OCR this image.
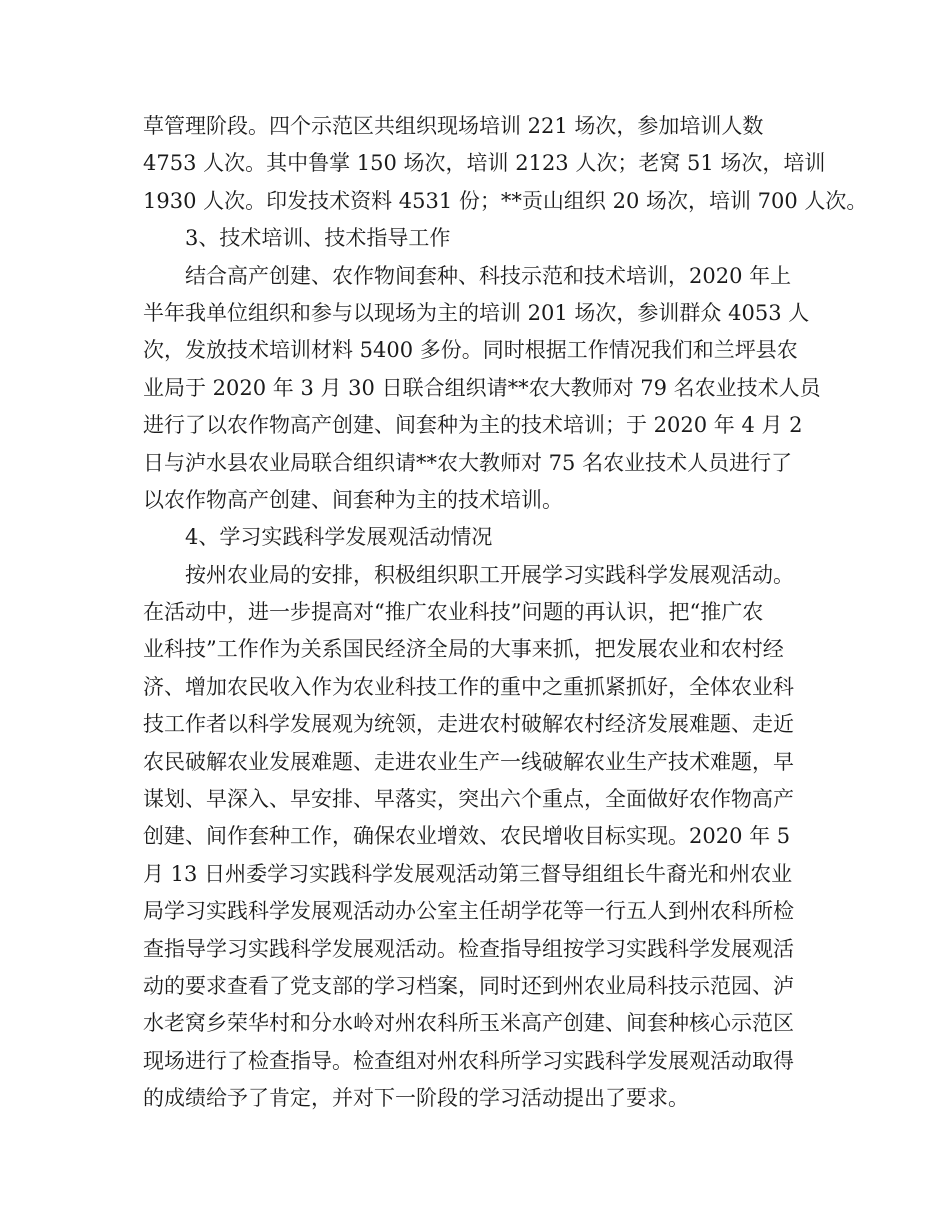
草管理阶段。四个示范区共组织现场培训 221 场次，参加培训人数
4753 人次。其中鲁掌 150 场次，培训 2123 人次；老窝 51 场次，培训
1930 人次。印发技术资料 4531 份；**贡山组织 20 场次，培训 700 人次。
3、技术培训、技术指导工作
结合高产创建、农作物间套种、科技示范和技术培训，2020 年上
半年我单位组织和参与以现场为主的培训 201 场次，参训群众 4053 人
次，发放技术培训材料 5400 多份。同时根据工作情况我们和兰坪县农
业局于 2020 年 3 月 30 日联合组织请**农大教师对 79 名农业技术人员
进行了以农作物高产创建、间套种为主的技术培训；于 2020 年 4 月 2
日与泸水县农业局联合组织请**农大教师对 75 名农业技术人员进行了
以农作物高产创建、间套种为主的技术培训。
4、学习实践科学发展观活动情况
按州农业局的安排，积极组织职工开展学习实践科学发展观活动。
在活动中，进一步提高对“推广农业科技”问题的再认识，把“推广农
业科技”工作作为关系国民经济全局的大事来抓，把发展农业和农村经
济、增加农民收入作为农业科技工作的重中之重抓紧抓好，全体农业科
技工作者以科学发展观为统领，走进农村破解农村经济发展难题、走近
农民破解农业发展难题、走进农业生产一线破解农业生产技术难题，早
谋划、早深入、早安排、早落实，突出六个重点，全面做好农作物高产
创建、间作套种工作，确保农业增效、农民增收目标实现。2020 年 5
月 13 日州委学习实践科学发展观活动第三督导组组长牛裔光和州农业
局学习实践科学发展观活动办公室主任胡学花等一行五人到州农科所检
查指导学习实践科学发展观活动。检查指导组按学习实践科学发展观活
动的要求查看了党支部的学习档案，同时还到州农业局科技示范园、泸
水老窝乡荣华村和分水岭对州农科所玉米高产创建、间套种核心示范区
现场进行了检查指导。检查组对州农科所学习实践科学发展观活动取得
的成绩给予了肯定，并对下一阶段的学习活动提出了要求。
